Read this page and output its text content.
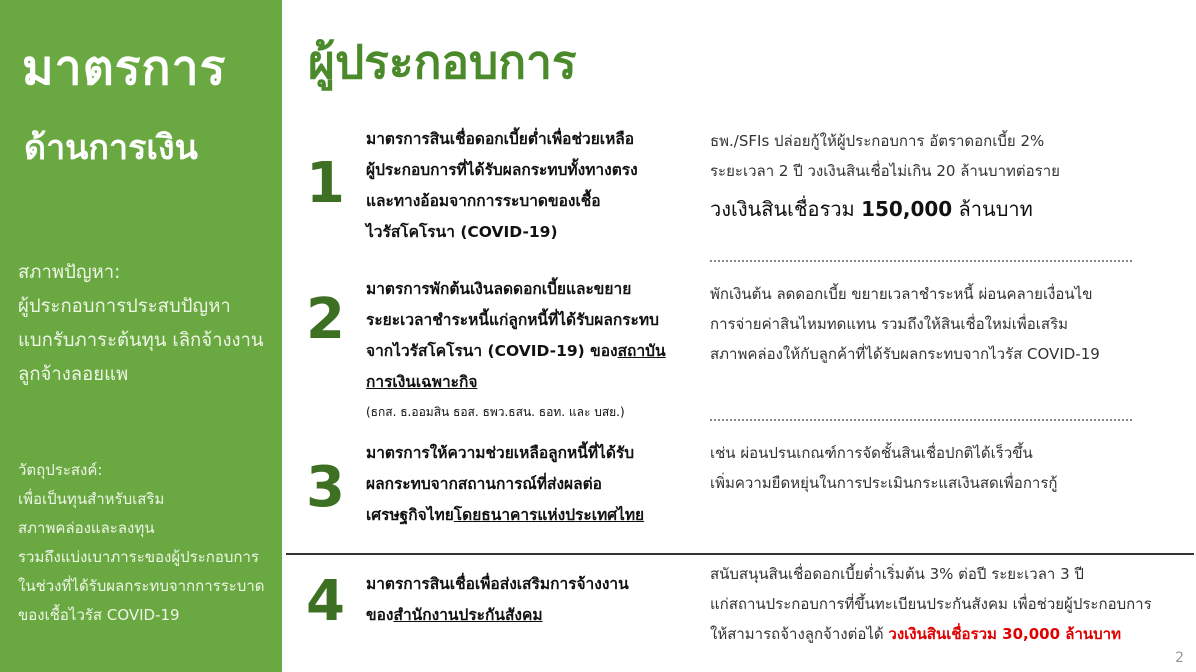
มาตรการ
ด้านการเงิน
สภาพปัญหา:
ผู้ประกอบการประสบปัญหา
แบกรับภาระต้นทุน เลิกจ้างงาน
ลูกจ้างลอยแพ
วัตถุประสงค์:
เพื่อเป็นทุนสำหรับเสริม
สภาพคล่องและลงทุน
รวมถึงแบ่งเบาภาระของผู้ประกอบการ
ในช่วงที่ได้รับผลกระทบจากการระบาด
ของเชื้อไวรัส COVID-19
ผู้ประกอบการ
1
มาตรการสินเชื่อดอกเบี้ยต่ำเพื่อช่วยเหลือ
ผู้ประกอบการที่ได้รับผลกระทบทั้งทางตรง
และทางอ้อมจากการระบาดของเชื้อ
ไวรัสโคโรนา (COVID-19)
ธพ./SFIs ปล่อยกู้ให้ผู้ประกอบการ อัตราดอกเบี้ย 2%
ระยะเวลา 2 ปี วงเงินสินเชื่อไม่เกิน 20 ล้านบาทต่อราย
วงเงินสินเชื่อรวม 150,000 ล้านบาท
2 มาตรการพักต้นเงินลดดอกเบี้ยและขยาย
ระยะเวลาชำระหนี้แก่ลูกหนี้ที่ได้รับผลกระทบ
จากไวรัสโคโรนา (COVID-19) ของสถาบัน
การเงินเฉพาะกิจ
(ธกส. ธ.ออมสิน ธอส. ธพว.ธสน. ธอท. และ บสย.)
พักเงินต้น ลดดอกเบี้ย ขยายเวลาชำระหนี้ ผ่อนคลายเงื่อนไข
การจ่ายค่าสินไหมทดแทน รวมถึงให้สินเชื่อใหม่เพื่อเสริม
สภาพคล่องให้กับลูกค้าที่ได้รับผลกระทบจากไวรัส COVID-19
3
มาตรการให้ความช่วยเหลือลูกหนี้ที่ได้รับ
ผลกระทบจากสถานการณ์ที่ส่งผลต่อ
เศรษฐกิจไทยโดยธนาคารแห่งประเทศไทย
เช่น ผ่อนปรนเกณฑ์การจัดชั้นสินเชื่อปกติได้เร็วขึ้น
เพิ่มความยืดหยุ่นในการประเมินกระแสเงินสดเพื่อการกู้
4 มาตรการสินเชื่อเพื่อส่งเสริมการจ้างงาน
ของสำนักงานประกันสังคม
สนับสนุนสินเชื่อดอกเบี้ยต่ำเริ่มต้น 3% ต่อปี ระยะเวลา 3 ปี
แก่สถานประกอบการที่ขึ้นทะเบียนประกันสังคม เพื่อช่วยผู้ประกอบการ
ให้สามารถจ้างลูกจ้างต่อได้ วงเงินสินเชื่อรวม 30,000 ล้านบาท
2
